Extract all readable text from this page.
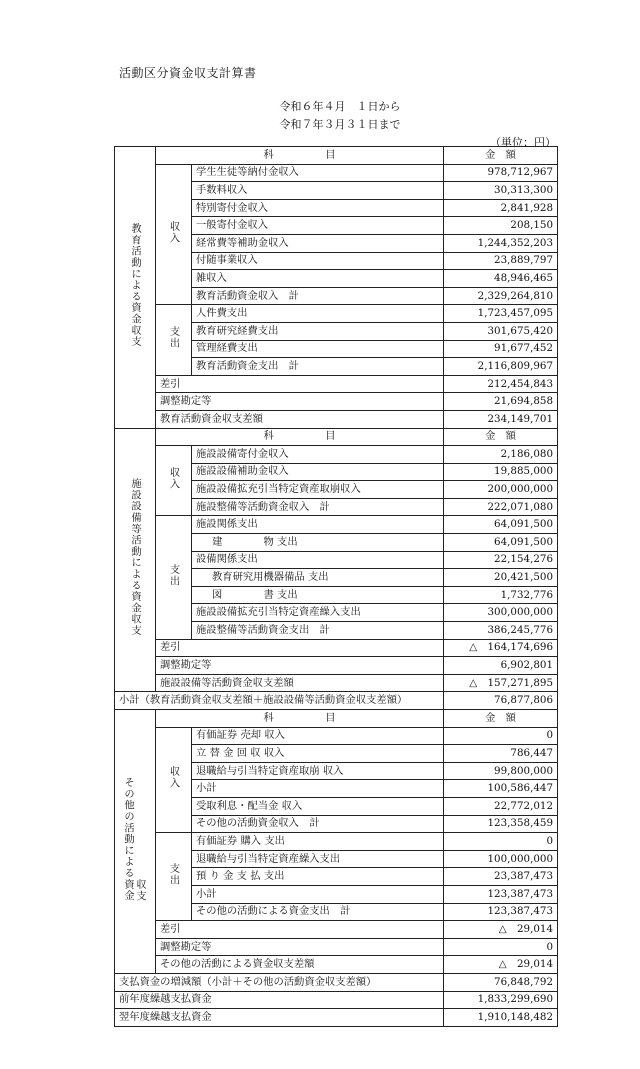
活動区分資金収支計算書
令和６年４月　１日から
令和７年３月３１日まで
（単位：円）
教育活動による資金収支	科　　　　　目		金　額
	収入	学生生徒等納付金収入	978,712,967
		手数料収入	30,313,300
		特別寄付金収入	2,841,928
		一般寄付金収入	208,150
		経常費等補助金収入	1,244,352,203
		付随事業収入	23,889,797
		雑収入	48,946,465
		教育活動資金収入　計	2,329,264,810
	支出	人件費支出	1,723,457,095
		教育研究経費支出	301,675,420
		管理経費支出	91,677,452
		教育活動資金支出　計	2,116,809,967
	差引		212,454,843
	調整勘定等		21,694,858
	教育活動資金収支差額		234,149,701
施設設備等活動による資金収支	科　　　　　目		金　額
	収入	施設設備寄付金収入	2,186,080
		施設設備補助金収入	19,885,000
		施設設備拡充引当特定資産取崩収入	200,000,000
		施設整備等活動資金収入　計	222,071,080
	支出	施設関係支出	64,091,500
		建　　　　物 支出	64,091,500
		設備関係支出	22,154,276
		教育研究用機器備品 支出	20,421,500
		図　　　　書 支出	1,732,776
		施設設備拡充引当特定資産繰入支出	300,000,000
		施設整備等活動資金支出　計	386,245,776
	差引		△　164,174,696
	調整勘定等		6,902,801
	施設設備等活動資金収支差額		△　157,271,895
小計（教育活動資金収支差額＋施設設備等活動資金収支差額）			76,877,806
その他の活動による資金収支	科　　　　　目		金　額
	収入	有価証券 売却 収入	0
		立 替 金 回 収 収入	786,447
		退職給与引当特定資産取崩 収入	99,800,000
		小計	100,586,447
		受取利息・配当金 収入	22,772,012
		その他の活動資金収入　計	123,358,459
	支出	有価証券 購入 支出	0
		退職給与引当特定資産繰入支出	100,000,000
		預 り 金 支 払 支出	23,387,473
		小計	123,387,473
		その他の活動による資金支出　計	123,387,473
	差引		△　29,014
	調整勘定等		0
	その他の活動による資金収支差額		△　29,014
支払資金の増減額（小計＋その他の活動資金収支差額）			76,848,792
前年度繰越支払資金			1,833,299,690
翌年度繰越支払資金			1,910,148,482
